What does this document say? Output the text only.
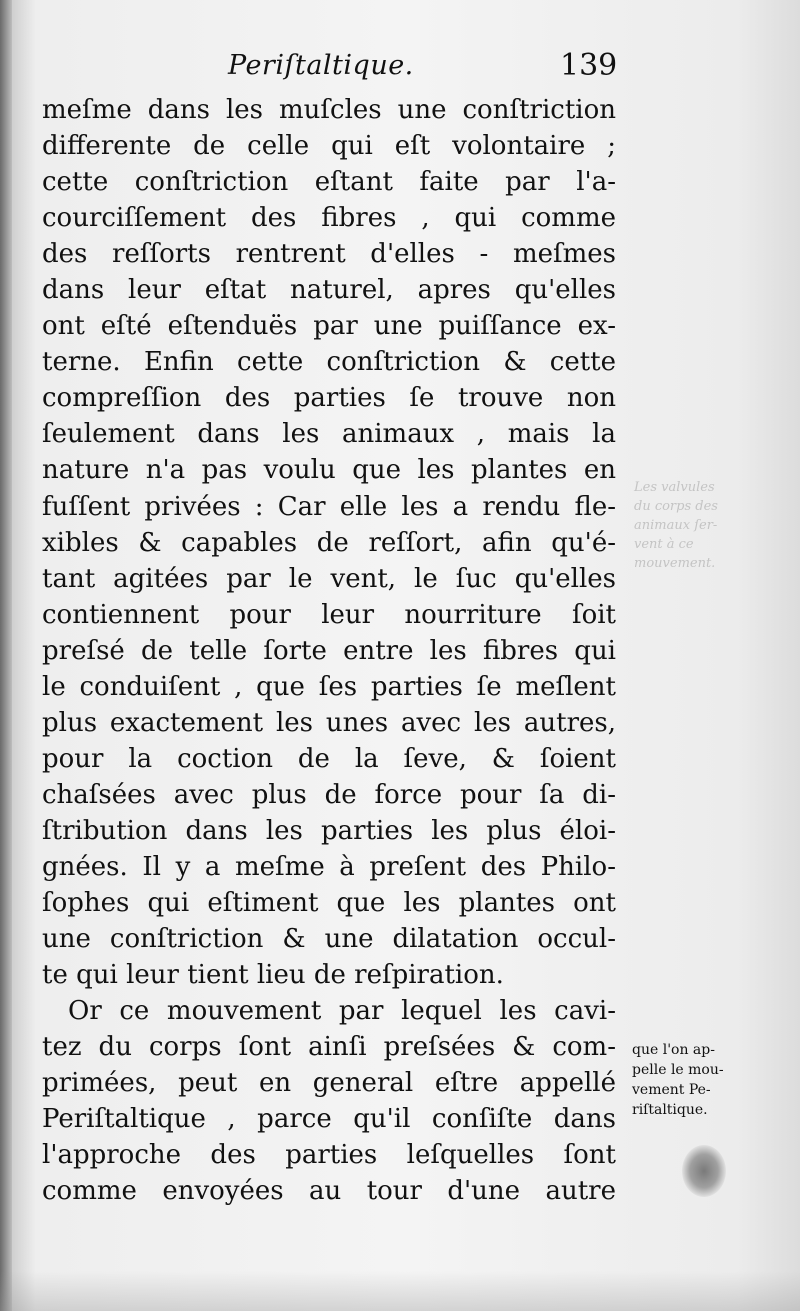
Les valvules
du corps des
animaux ſer-
vent à ce
mouvement.
Periſtaltique.	139
meſme dans les muſcles une conſtriction
differente de celle qui eſt volontaire ;
cette conſtriction eſtant faite par l'a-
courciſſement des fibres , qui comme
des reſſorts rentrent d'elles - meſmes
dans leur eſtat naturel, apres qu'elles
ont eſté eſtenduës par une puiſſance ex-
terne. Enfin cette conſtriction & cette
compreſſion des parties ſe trouve non
ſeulement dans les animaux , mais la
nature n'a pas voulu que les plantes en
fuſſent privées : Car elle les a rendu fle-
xibles & capables de reſſort, afin qu'é-
tant agitées par le vent, le ſuc qu'elles
contiennent pour leur nourriture ſoit
preſsé de telle ſorte entre les fibres qui
le conduiſent , que ſes parties ſe meſlent
plus exactement les unes avec les autres,
pour la coction de la ſeve, & ſoient
chaſsées avec plus de force pour ſa di-
ſtribution dans les parties les plus éloi-
gnées. Il y a meſme à preſent des Philo-
ſophes qui eſtiment que les plantes ont
une conſtriction & une dilatation occul-
te qui leur tient lieu de reſpiration.
Or ce mouvement par lequel les cavi-
tez du corps ſont ainſi preſsées & com-
primées, peut en general eſtre appellé
Periſtaltique , parce qu'il conſiſte dans
l'approche des parties leſquelles ſont
comme envoyées au tour d'une autre
que l'on ap-
pelle le mou-
vement Pe-
riſtaltique.
